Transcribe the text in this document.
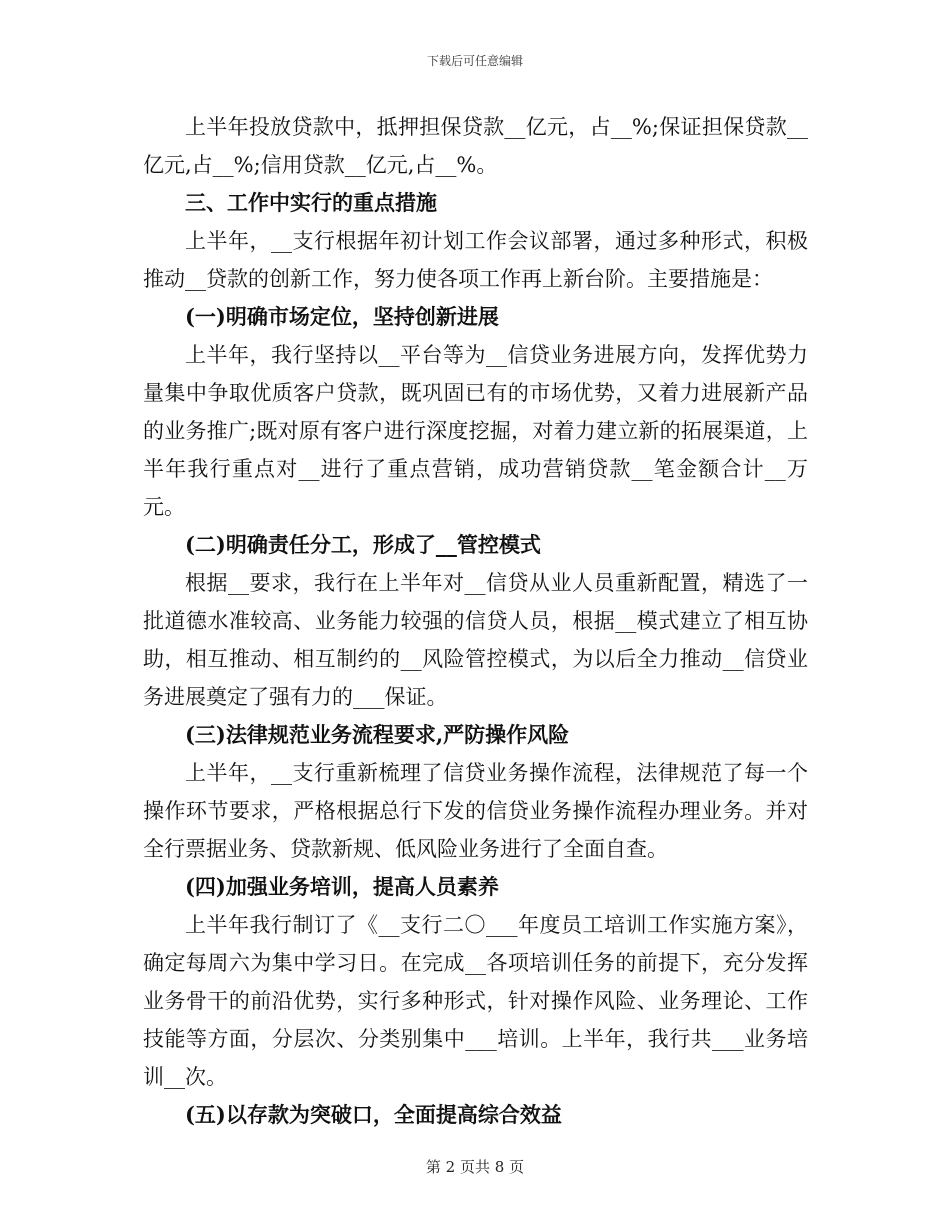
下载后可任意编辑

上半年投放贷款中，抵押担保贷款__亿元，占__%;保证担保贷款__亿元,占__%;信用贷款__亿元,占__%。

三、工作中实行的重点措施

上半年，__支行根据年初计划工作会议部署，通过多种形式，积极推动__贷款的创新工作，努力使各项工作再上新台阶。主要措施是：

(一)明确市场定位，坚持创新进展

上半年，我行坚持以__平台等为__信贷业务进展方向，发挥优势力量集中争取优质客户贷款，既巩固已有的市场优势，又着力进展新产品的业务推广;既对原有客户进行深度挖掘，对着力建立新的拓展渠道，上半年我行重点对__进行了重点营销，成功营销贷款__笔金额合计__万元。

(二)明确责任分工，形成了__管控模式

根据__要求，我行在上半年对__信贷从业人员重新配置，精选了一批道德水准较高、业务能力较强的信贷人员，根据__模式建立了相互协助，相互推动、相互制约的__风险管控模式，为以后全力推动__信贷业务进展奠定了强有力的___保证。

(三)法律规范业务流程要求,严防操作风险

上半年，__支行重新梳理了信贷业务操作流程，法律规范了每一个操作环节要求，严格根据总行下发的信贷业务操作流程办理业务。并对全行票据业务、贷款新规、低风险业务进行了全面自查。

(四)加强业务培训，提高人员素养

上半年我行制订了《__支行二〇___年度员工培训工作实施方案》，确定每周六为集中学习日。在完成__各项培训任务的前提下，充分发挥业务骨干的前沿优势，实行多种形式，针对操作风险、业务理论、工作技能等方面，分层次、分类别集中___培训。上半年，我行共___业务培训__次。

(五)以存款为突破口，全面提高综合效益

第 2 页共 8 页
